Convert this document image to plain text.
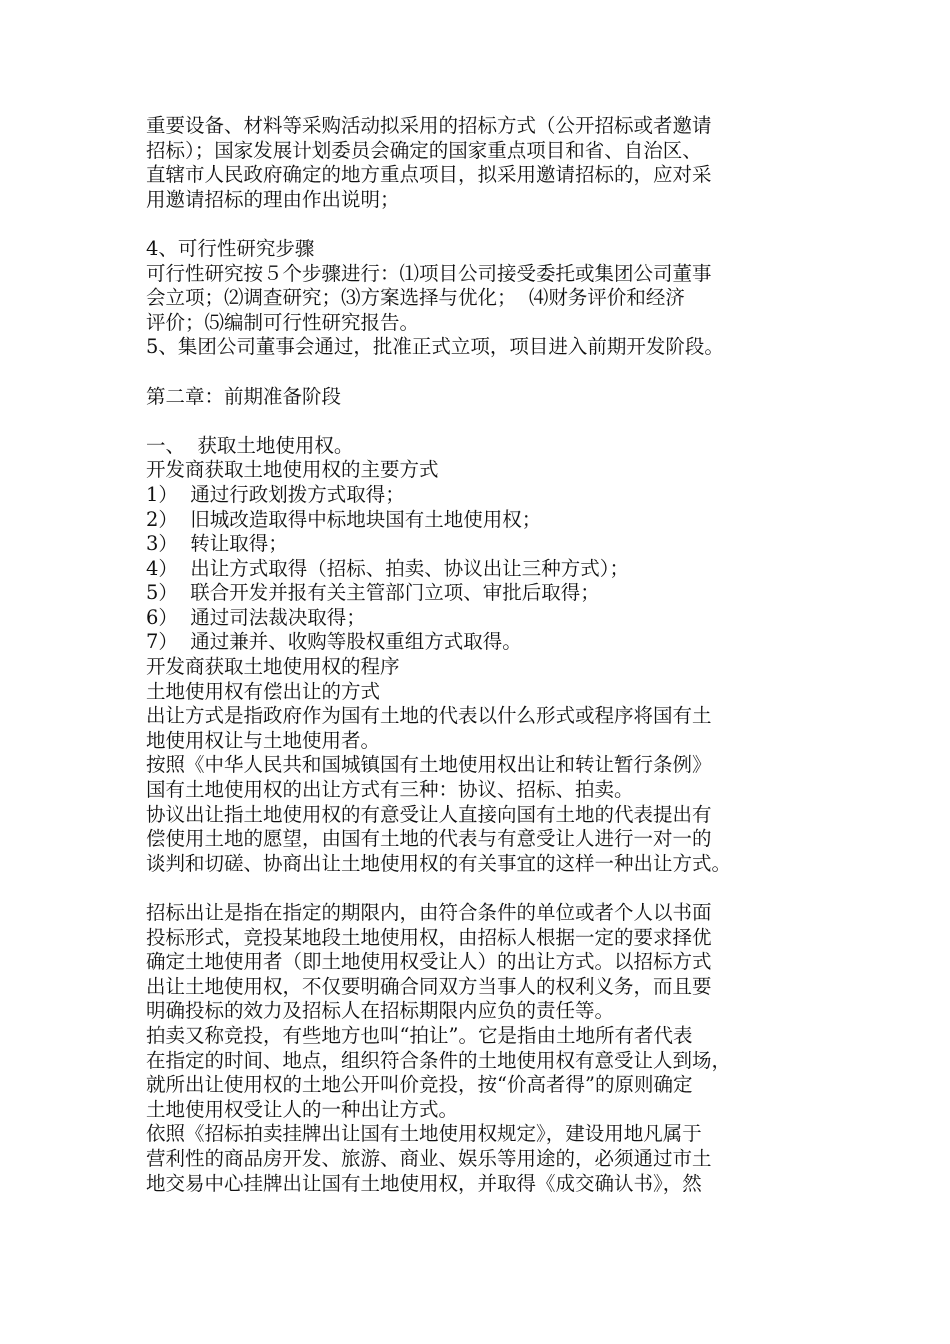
重要设备、材料等采购活动拟采用的招标方式（公开招标或者邀请
招标）；国家发展计划委员会确定的国家重点项目和省、自治区、
直辖市人民政府确定的地方重点项目，拟采用邀请招标的，应对采
用邀请招标的理由作出说明；
4、可行性研究步骤
可行性研究按５个步骤进行：⑴项目公司接受委托或集团公司董事
会立项；⑵调查研究；⑶方案选择与优化；  ⑷财务评价和经济
评价；⑸编制可行性研究报告。
5、集团公司董事会通过，批准正式立项，项目进入前期开发阶段。
第二章：前期准备阶段
一、  获取土地使用权。
开发商获取土地使用权的主要方式
1）  通过行政划拨方式取得；
2）  旧城改造取得中标地块国有土地使用权；
3）  转让取得；
4）  出让方式取得（招标、拍卖、协议出让三种方式）；
5）  联合开发并报有关主管部门立项、审批后取得；
6）  通过司法裁决取得；
7）  通过兼并、收购等股权重组方式取得。
开发商获取土地使用权的程序
土地使用权有偿出让的方式
出让方式是指政府作为国有土地的代表以什么形式或程序将国有土
地使用权让与土地使用者。
按照《中华人民共和国城镇国有土地使用权出让和转让暂行条例》
国有土地使用权的出让方式有三种：协议、招标、拍卖。
协议出让指土地使用权的有意受让人直接向国有土地的代表提出有
偿使用土地的愿望，由国有土地的代表与有意受让人进行一对一的
谈判和切磋、协商出让土地使用权的有关事宜的这样一种出让方式。
招标出让是指在指定的期限内，由符合条件的单位或者个人以书面
投标形式，竞投某地段土地使用权，由招标人根据一定的要求择优
确定土地使用者（即土地使用权受让人）的出让方式。以招标方式
出让土地使用权，不仅要明确合同双方当事人的权利义务，而且要
明确投标的效力及招标人在招标期限内应负的责任等。
拍卖又称竞投，有些地方也叫“拍让”。它是指由土地所有者代表
在指定的时间、地点，组织符合条件的土地使用权有意受让人到场，
就所出让使用权的土地公开叫价竞投，按“价高者得”的原则确定
土地使用权受让人的一种出让方式。
依照《招标拍卖挂牌出让国有土地使用权规定》，建设用地凡属于
营利性的商品房开发、旅游、商业、娱乐等用途的，必须通过市土
地交易中心挂牌出让国有土地使用权，并取得《成交确认书》，然
